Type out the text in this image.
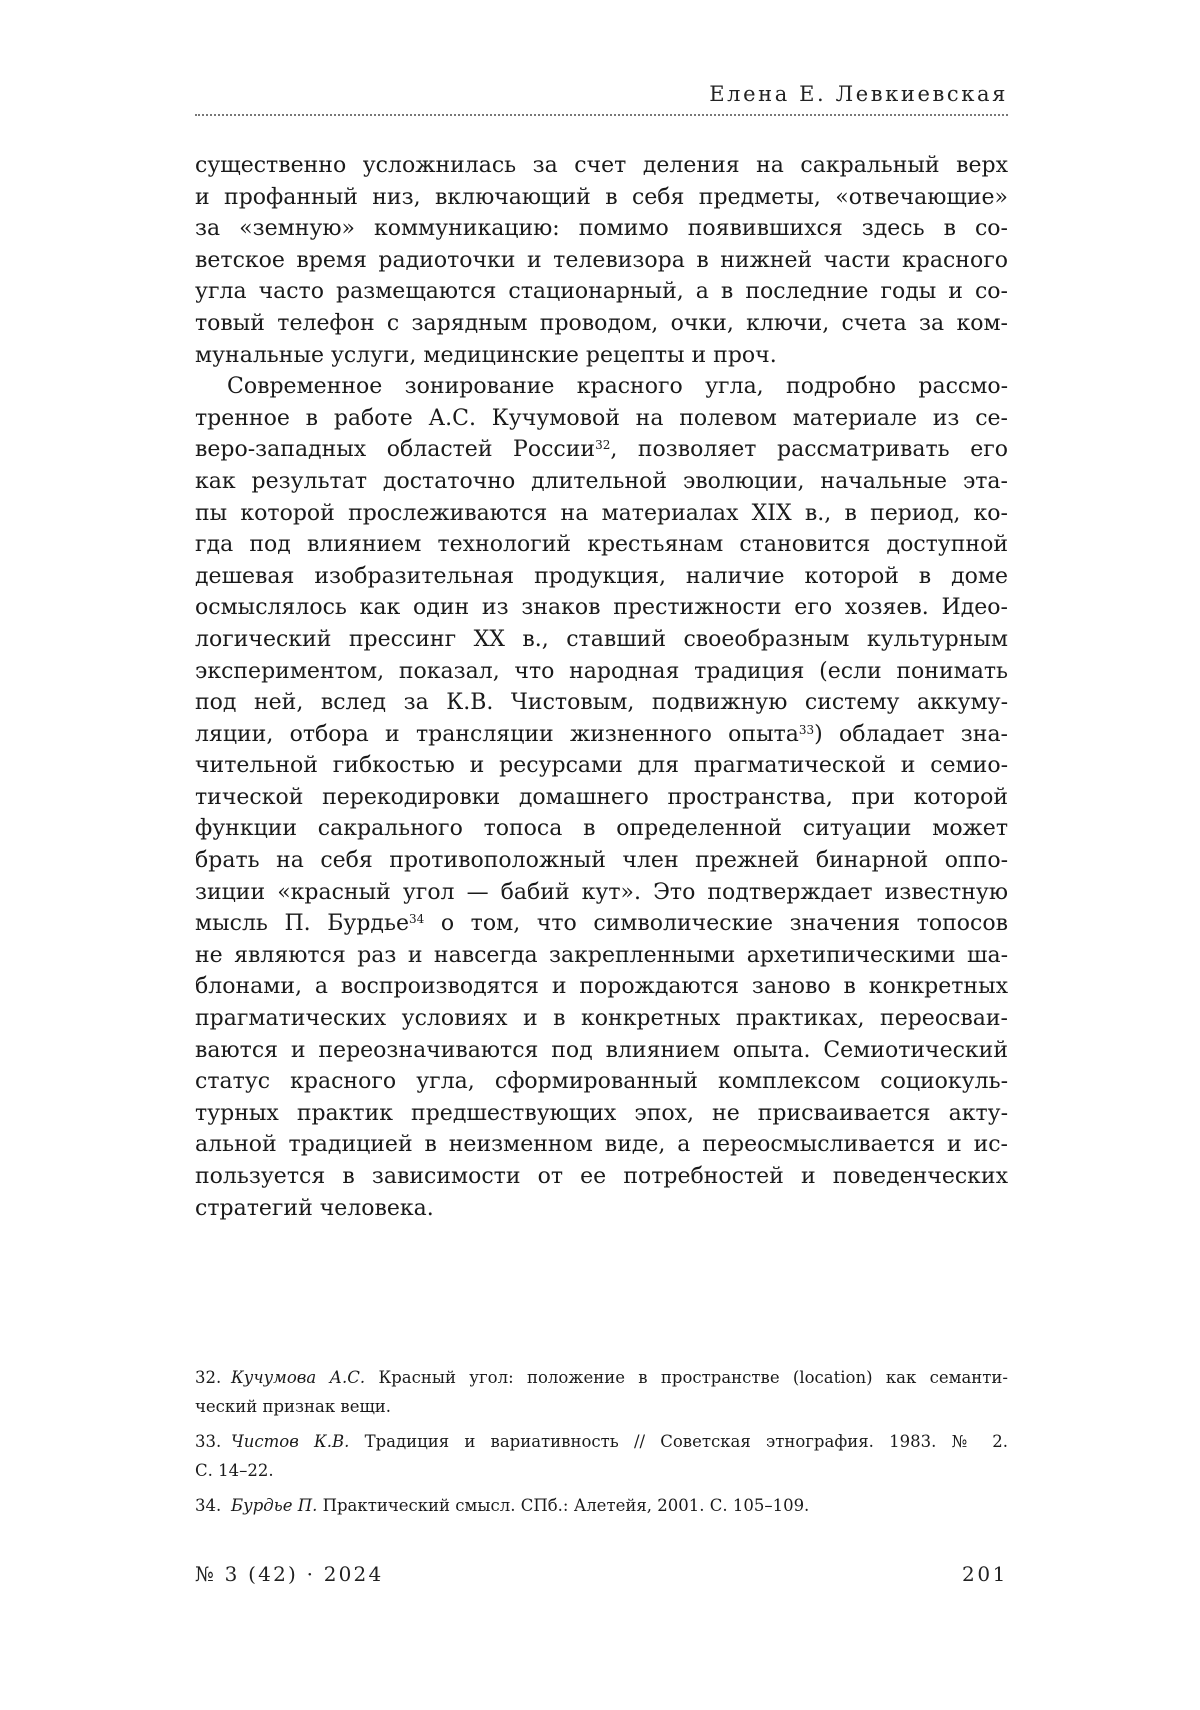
Елена Е. Левкиевская
существенно усложнилась за счет деления на сакральный верх
и профанный низ, включающий в себя предметы, «отвечающие»
за «земную» коммуникацию: помимо появившихся здесь в со-
ветское время радиоточки и телевизора в нижней части красного
угла часто размещаются стационарный, а в последние годы и со-
товый телефон с зарядным проводом, очки, ключи, счета за ком-
мунальные услуги, медицинские рецепты и проч.
Современное зонирование красного угла, подробно рассмо-
тренное в работе А.С. Кучумовой на полевом материале из се-
веро-западных областей России$^{32}$, позволяет рассматривать его
как результат достаточно длительной эволюции, начальные эта-
пы которой прослеживаются на материалах XIX в., в период, ко-
гда под влиянием технологий крестьянам становится доступной
дешевая изобразительная продукция, наличие которой в доме
осмыслялось как один из знаков престижности его хозяев. Идео-
логический прессинг XX в., ставший своеобразным культурным
экспериментом, показал, что народная традиция (если понимать
под ней, вслед за К.В. Чистовым, подвижную систему аккуму-
ляции, отбора и трансляции жизненного опыта$^{33}$) обладает зна-
чительной гибкостью и ресурсами для прагматической и семио-
тической перекодировки домашнего пространства, при которой
функции сакрального топоса в определенной ситуации может
брать на себя противоположный член прежней бинарной оппо-
зиции «красный угол — бабий кут». Это подтверждает известную
мысль П. Бурдье$^{34}$ о том, что символические значения топосов
не являются раз и навсегда закрепленными архетипическими ша-
блонами, а воспроизводятся и порождаются заново в конкретных
прагматических условиях и в конкретных практиках, переосваи-
ваются и переозначиваются под влиянием опыта. Семиотический
статус красного угла, сформированный комплексом социокуль-
турных практик предшествующих эпох, не присваивается акту-
альной традицией в неизменном виде, а переосмысливается и ис-
пользуется в зависимости от ее потребностей и поведенческих
стратегий человека.
32. Кучумова А.С. Красный угол: положение в пространстве (location) как семанти-
ческий признак вещи.
33. Чистов К.В. Традиция и вариативность // Советская этнография. 1983. № 2.
С. 14–22.
34. Бурдье П. Практический смысл. СПб.: Алетейя, 2001. С. 105–109.
№ 3 (42) · 2024	201
